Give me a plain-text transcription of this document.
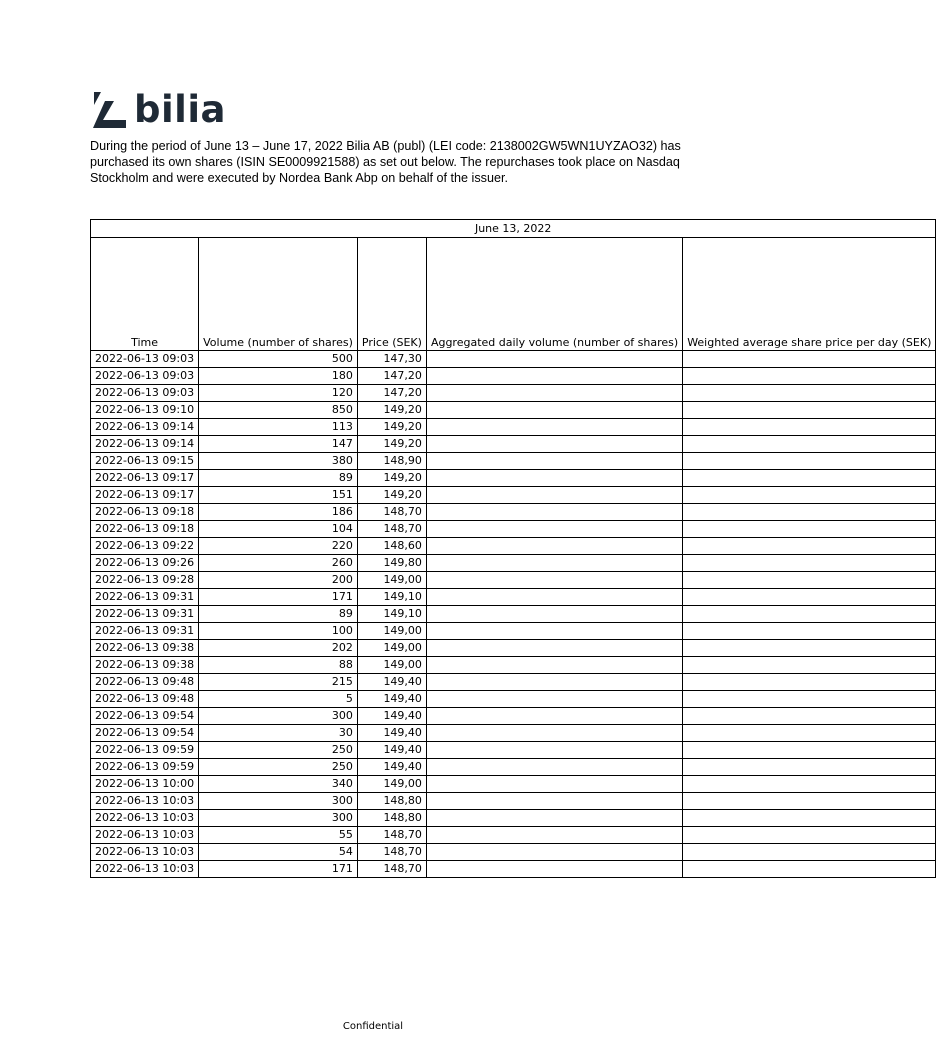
bilia

During the period of June 13 – June 17, 2022 Bilia AB (publ) (LEI code: 2138002GW5WN1UYZAO32) has purchased its own shares (ISIN SE0009921588) as set out below. The repurchases took place on Nasdaq Stockholm and were executed by Nordea Bank Abp on behalf of the issuer.

June 13, 2022				
Time	Volume (number of shares)	Price (SEK)	Aggregated daily volume (number of shares)	Weighted average share price per day (SEK)
2022-06-13 09:03	500	147,30		
2022-06-13 09:03	180	147,20		
2022-06-13 09:03	120	147,20		
2022-06-13 09:10	850	149,20		
2022-06-13 09:14	113	149,20		
2022-06-13 09:14	147	149,20		
2022-06-13 09:15	380	148,90		
2022-06-13 09:17	89	149,20		
2022-06-13 09:17	151	149,20		
2022-06-13 09:18	186	148,70		
2022-06-13 09:18	104	148,70		
2022-06-13 09:22	220	148,60		
2022-06-13 09:26	260	149,80		
2022-06-13 09:28	200	149,00		
2022-06-13 09:31	171	149,10		
2022-06-13 09:31	89	149,10		
2022-06-13 09:31	100	149,00		
2022-06-13 09:38	202	149,00		
2022-06-13 09:38	88	149,00		
2022-06-13 09:48	215	149,40		
2022-06-13 09:48	5	149,40		
2022-06-13 09:54	300	149,40		
2022-06-13 09:54	30	149,40		
2022-06-13 09:59	250	149,40		
2022-06-13 09:59	250	149,40		
2022-06-13 10:00	340	149,00		
2022-06-13 10:03	300	148,80		
2022-06-13 10:03	300	148,80		
2022-06-13 10:03	55	148,70		
2022-06-13 10:03	54	148,70		
2022-06-13 10:03	171	148,70		
Confidential
